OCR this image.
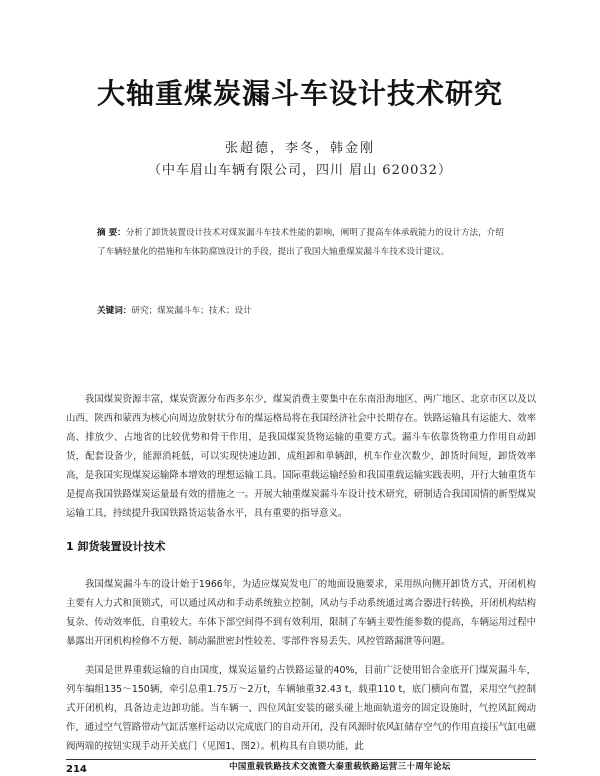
大轴重煤炭漏斗车设计技术研究
张超德，李冬，韩金刚
（中车眉山车辆有限公司，四川 眉山 620032）
摘 要：分析了卸货装置设计技术对煤炭漏斗车技术性能的影响，阐明了提高车体承载能力的设计方法，介绍了车辆轻量化的措施和车体防腐蚀设计的手段，提出了我国大轴重煤炭漏斗车技术设计建议。
关键词：研究；煤炭漏斗车；技术；设计

我国煤炭资源丰富，煤炭资源分布西多东少，煤炭消费主要集中在东南沿海地区、两广地区、北京市区以及以山西、陕西和蒙西为核心向周边放射状分布的煤运格局将在我国经济社会中长期存在。铁路运输具有运能大、效率高、排放少、占地省的比较优势和骨干作用，是我国煤炭货物运输的重要方式。漏斗车依靠货物重力作用自动卸货，配套设备少，能源消耗低，可以实现快速边卸、成组卸和单辆卸，机车作业次数少，卸货时间短，卸货效率高，是我国实现煤炭运输降本增效的理想运输工具。国际重载运输经验和我国重载运输实践表明，开行大轴重货车是提高我国铁路煤炭运量最有效的措施之一。开展大轴重煤炭漏斗车设计技术研究，研制适合我国国情的新型煤炭运输工具，持续提升我国铁路货运装备水平，具有重要的指导意义。

1 卸货装置设计技术

我国煤炭漏斗车的设计始于1966年，为适应煤炭发电厂的地面设施要求，采用纵向侧开卸货方式，开闭机构主要有人力式和顶锁式，可以通过风动和手动系统独立控制，风动与手动系统通过离合器进行转换，开闭机构结构复杂、传动效率低、自重较大。车体下部空间得不到有效利用，限制了车辆主要性能参数的提高，车辆运用过程中暴露出开闭机构检修不方便、制动漏泄密封性较差、零部件容易丢失、风控管路漏泄等问题。

美国是世界重载运输的自由国度，煤炭运量约占铁路运量的40%，目前广泛使用铝合金底开门煤炭漏斗车，列车编组135～150辆，牵引总重1.75万～2万t，车辆轴重32.43 t，载重110 t，底门横向布置，采用空气控制式开闭机构，具备边走边卸功能。当车辆一、四位风缸安装的磁头碰上地面轨道旁的固定设施时，气控风缸阀动作，通过空气管路带动气缸活塞杆运动以完成底门的自动开闭，没有风源时依风缸储存空气的作用直接压气缸电磁阀两端的按钮实现手动开关底门（见图1、图2）。机构具有自锁功能，此

214	中国重载铁路技术交流暨大秦重载铁路运营三十周年论坛
